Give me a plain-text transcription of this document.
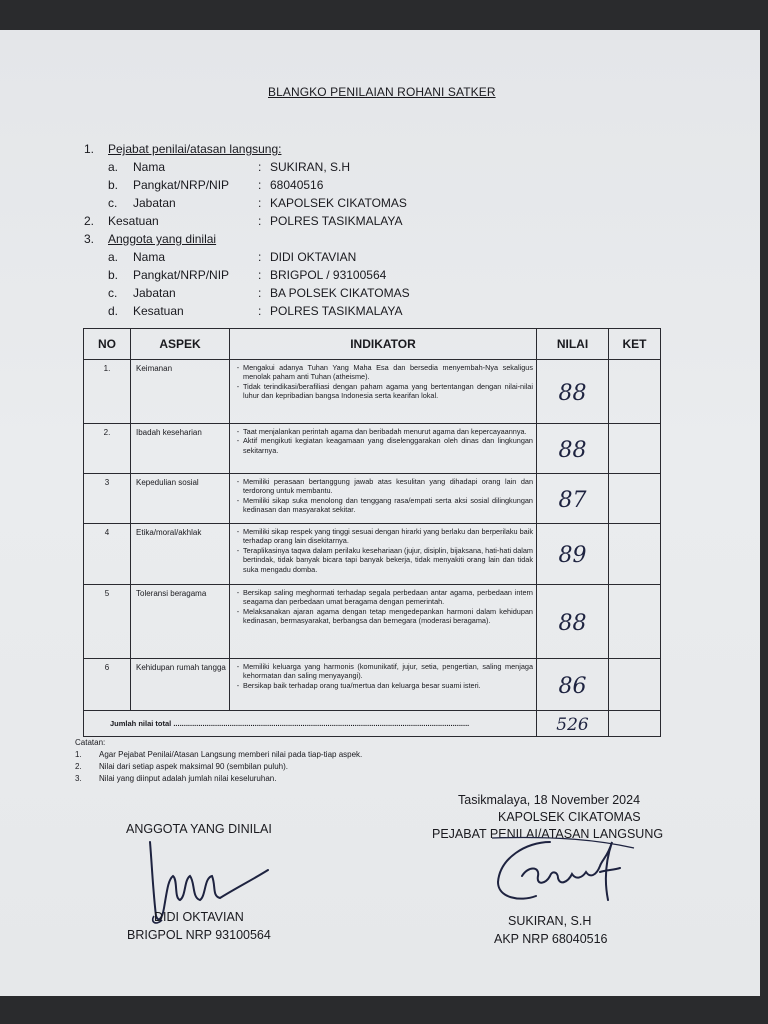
BLANGKO PENILAIAN ROHANI SATKER
1. Pejabat penilai/atasan langsung:
a. Nama	: SUKIRAN, S.H
b. Pangkat/NRP/NIP : 68040516
c. Jabatan	: KAPOLSEK CIKATOMAS
2. Kesatuan	: POLRES TASIKMALAYA
3. Anggota yang dinilai
a. Nama	: DIDI OKTAVIAN
b. Pangkat/NRP/NIP : BRIGPOL / 93100564
c. Jabatan	: BA POLSEK CIKATOMAS
d. Kesatuan	: POLRES TASIKMALAYA
NO	ASPEK	INDIKATOR	NILAI	KET
1.	Keimanan	- Mengakui adanya Tuhan Yang Maha Esa dan bersedia menyembah-Nya sekaligus menolak paham anti Tuhan (atheisme).
- Tidak terindikasi/berafiliasi dengan paham agama yang bertentangan dengan nilai-nilai luhur dan kepribadian bangsa Indonesia serta kearifan lokal.	88	

2.	Ibadah keseharian	- Taat menjalankan perintah agama dan beribadah menurut agama dan kepercayaannya.
- Aktif mengikuti kegiatan keagamaan yang diselenggarakan oleh dinas dan lingkungan sekitarnya.	88	

3	Kepedulian sosial	- Memiliki perasaan bertanggung jawab atas kesulitan yang dihadapi orang lain dan terdorong untuk membantu.
- Memiliki sikap suka menolong dan tenggang rasa/empati serta aksi sosial dilingkungan kedinasan dan masyarakat sekitar.	87	

4	Etika/moral/akhlak	- Memiliki sikap respek yang tinggi sesuai dengan hirarki yang berlaku dan berperilaku baik terhadap orang lain disekitarnya.
- Teraplikasinya taqwa dalam perilaku kesehariaan (jujur, disiplin, bijaksana, hati-hati dalam bertindak, tidak banyak bicara tapi banyak bekerja, tidak menyakiti orang lain dan tidak suka mengadu domba.	89	

5	Toleransi beragama	- Bersikap saling meghormati terhadap segala perbedaan antar agama, perbedaan intern seagama dan perbedaan umat beragama dengan pemerintah.
- Melaksanakan ajaran agama dengan tetap mengedepankan harmoni dalam kehidupan kedinasan, bermasyarakat, berbangsa dan bernegara (moderasi beragama).	88	

6	Kehidupan rumah tangga	- Memiliki keluarga yang harmonis (komunikatif, jujur, setia, pengertian, saling menjaga kehormatan dan saling menyayangi).
- Bersikap baik terhadap orang tua/mertua dan keluarga besar suami isteri.	86	

Jumlah nilai total ..............................................................................................................................................			526	

Catatan:
1. Agar Pejabat Penilai/Atasan Langsung memberi nilai pada tiap-tiap aspek.
2. Nilai dari setiap aspek maksimal 90 (sembilan puluh).
3. Nilai yang diinput adalah jumlah nilai keseluruhan.
Tasikmalaya, 18 November 2024
KAPOLSEK CIKATOMAS
PEJABAT PENILAI/ATASAN LANGSUNG
ANGGOTA YANG DINILAI
DIDI OKTAVIAN
BRIGPOL NRP 93100564
SUKIRAN, S.H
AKP NRP 68040516
